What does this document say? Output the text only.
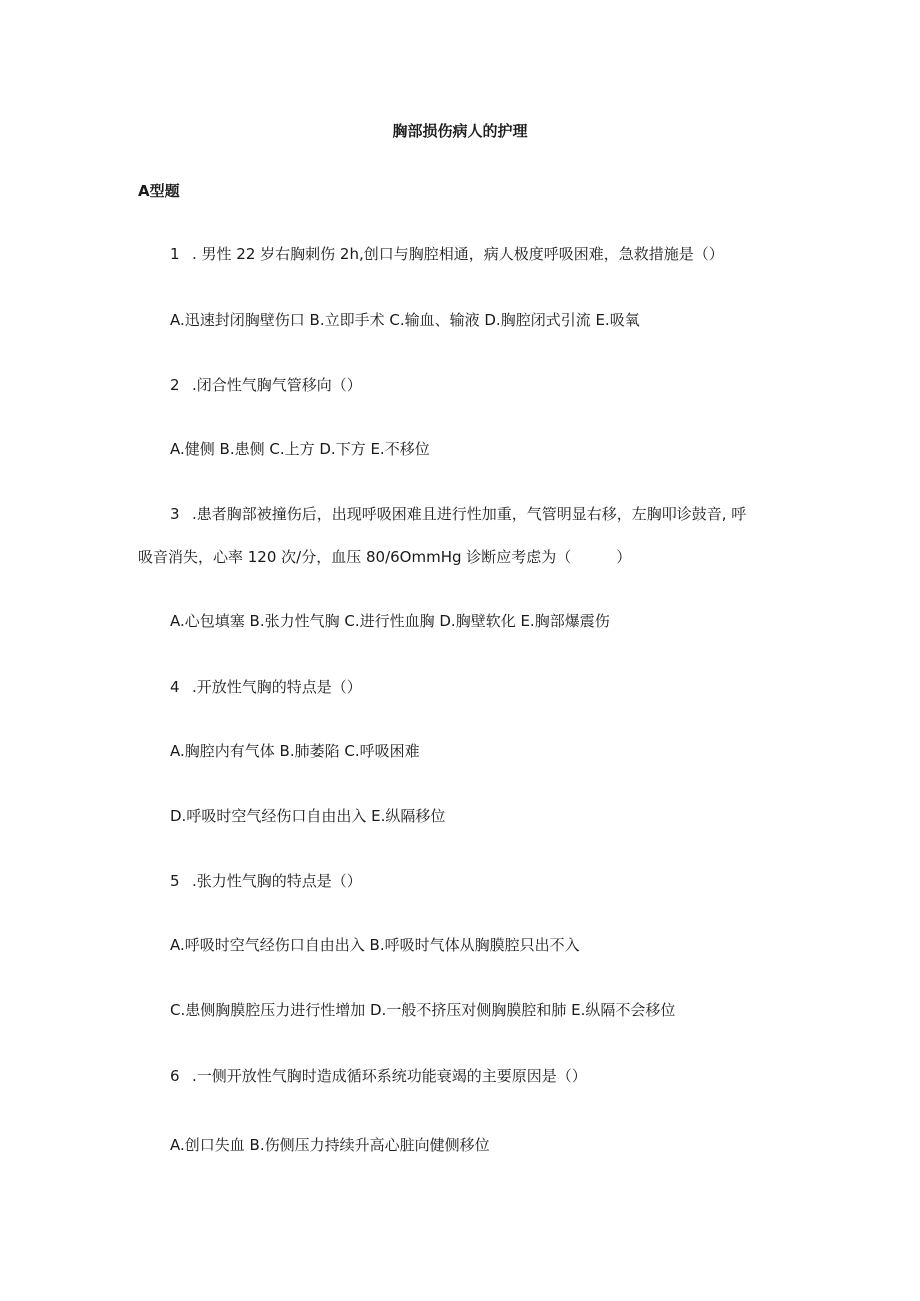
胸部损伤病人的护理
A型题
1 . 男性 22 岁右胸刺伤 2h,创口与胸腔相通，病人极度呼吸困难，急救措施是（）
A.迅速封闭胸壁伤口 B.立即手术 C.输血、输液 D.胸腔闭式引流 E.吸氧
2 .闭合性气胸气管移向（）
A.健侧 B.患侧 C.上方 D.下方 E.不移位
3 .患者胸部被撞伤后，出现呼吸困难且进行性加重，气管明显右移，左胸叩诊鼓音, 呼
吸音消失，心率 120 次/分，血压 80/6OmmHg 诊断应考虑为（　　　）
A.心包填塞 B.张力性气胸 C.进行性血胸 D.胸壁软化 E.胸部爆震伤
4 .开放性气胸的特点是（）
A.胸腔内有气体 B.肺萎陷 C.呼吸困难
D.呼吸时空气经伤口自由出入 E.纵隔移位
5 .张力性气胸的特点是（）
A.呼吸时空气经伤口自由出入 B.呼吸时气体从胸膜腔只出不入
C.患侧胸膜腔压力进行性增加 D.一般不挤压对侧胸膜腔和肺 E.纵隔不会移位
6 .一侧开放性气胸时造成循环系统功能衰竭的主要原因是（）
A.创口失血 B.伤侧压力持续升高心脏向健侧移位
